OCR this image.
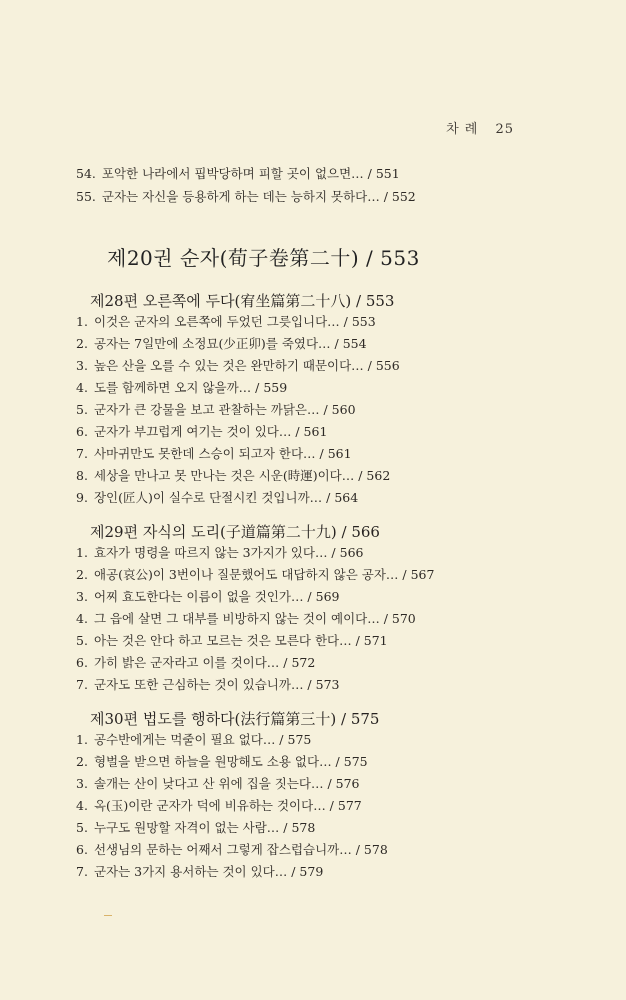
차 례 25
54. 포악한 나라에서 핍박당하며 피할 곳이 없으면… / 551
55. 군자는 자신을 등용하게 하는 데는 능하지 못하다… / 552
제20권 순자(荀子卷第二十) / 553
제28편 오른쪽에 두다(宥坐篇第二十八) / 553
1. 이것은 군자의 오른쪽에 두었던 그릇입니다… / 553
2. 공자는 7일만에 소정묘(少正卯)를 죽였다… / 554
3. 높은 산을 오를 수 있는 것은 완만하기 때문이다… / 556
4. 도를 함께하면 오지 않을까… / 559
5. 군자가 큰 강물을 보고 관찰하는 까닭은… / 560
6. 군자가 부끄럽게 여기는 것이 있다… / 561
7. 사마귀만도 못한데 스승이 되고자 한다… / 561
8. 세상을 만나고 못 만나는 것은 시운(時運)이다… / 562
9. 장인(匠人)이 실수로 단절시킨 것입니까… / 564
제29편 자식의 도리(子道篇第二十九) / 566
1. 효자가 명령을 따르지 않는 3가지가 있다… / 566
2. 애공(哀公)이 3번이나 질문했어도 대답하지 않은 공자… / 567
3. 어찌 효도한다는 이름이 없을 것인가… / 569
4. 그 읍에 살면 그 대부를 비방하지 않는 것이 예이다… / 570
5. 아는 것은 안다 하고 모르는 것은 모른다 한다… / 571
6. 가히 밝은 군자라고 이를 것이다… / 572
7. 군자도 또한 근심하는 것이 있습니까… / 573
제30편 법도를 행하다(法行篇第三十) / 575
1. 공수반에게는 먹줄이 필요 없다… / 575
2. 형벌을 받으면 하늘을 원망해도 소용 없다… / 575
3. 솔개는 산이 낮다고 산 위에 집을 짓는다… / 576
4. 옥(玉)이란 군자가 덕에 비유하는 것이다… / 577
5. 누구도 원망할 자격이 없는 사람… / 578
6. 선생님의 문하는 어째서 그렇게 잡스럽습니까… / 578
7. 군자는 3가지 용서하는 것이 있다… / 579
